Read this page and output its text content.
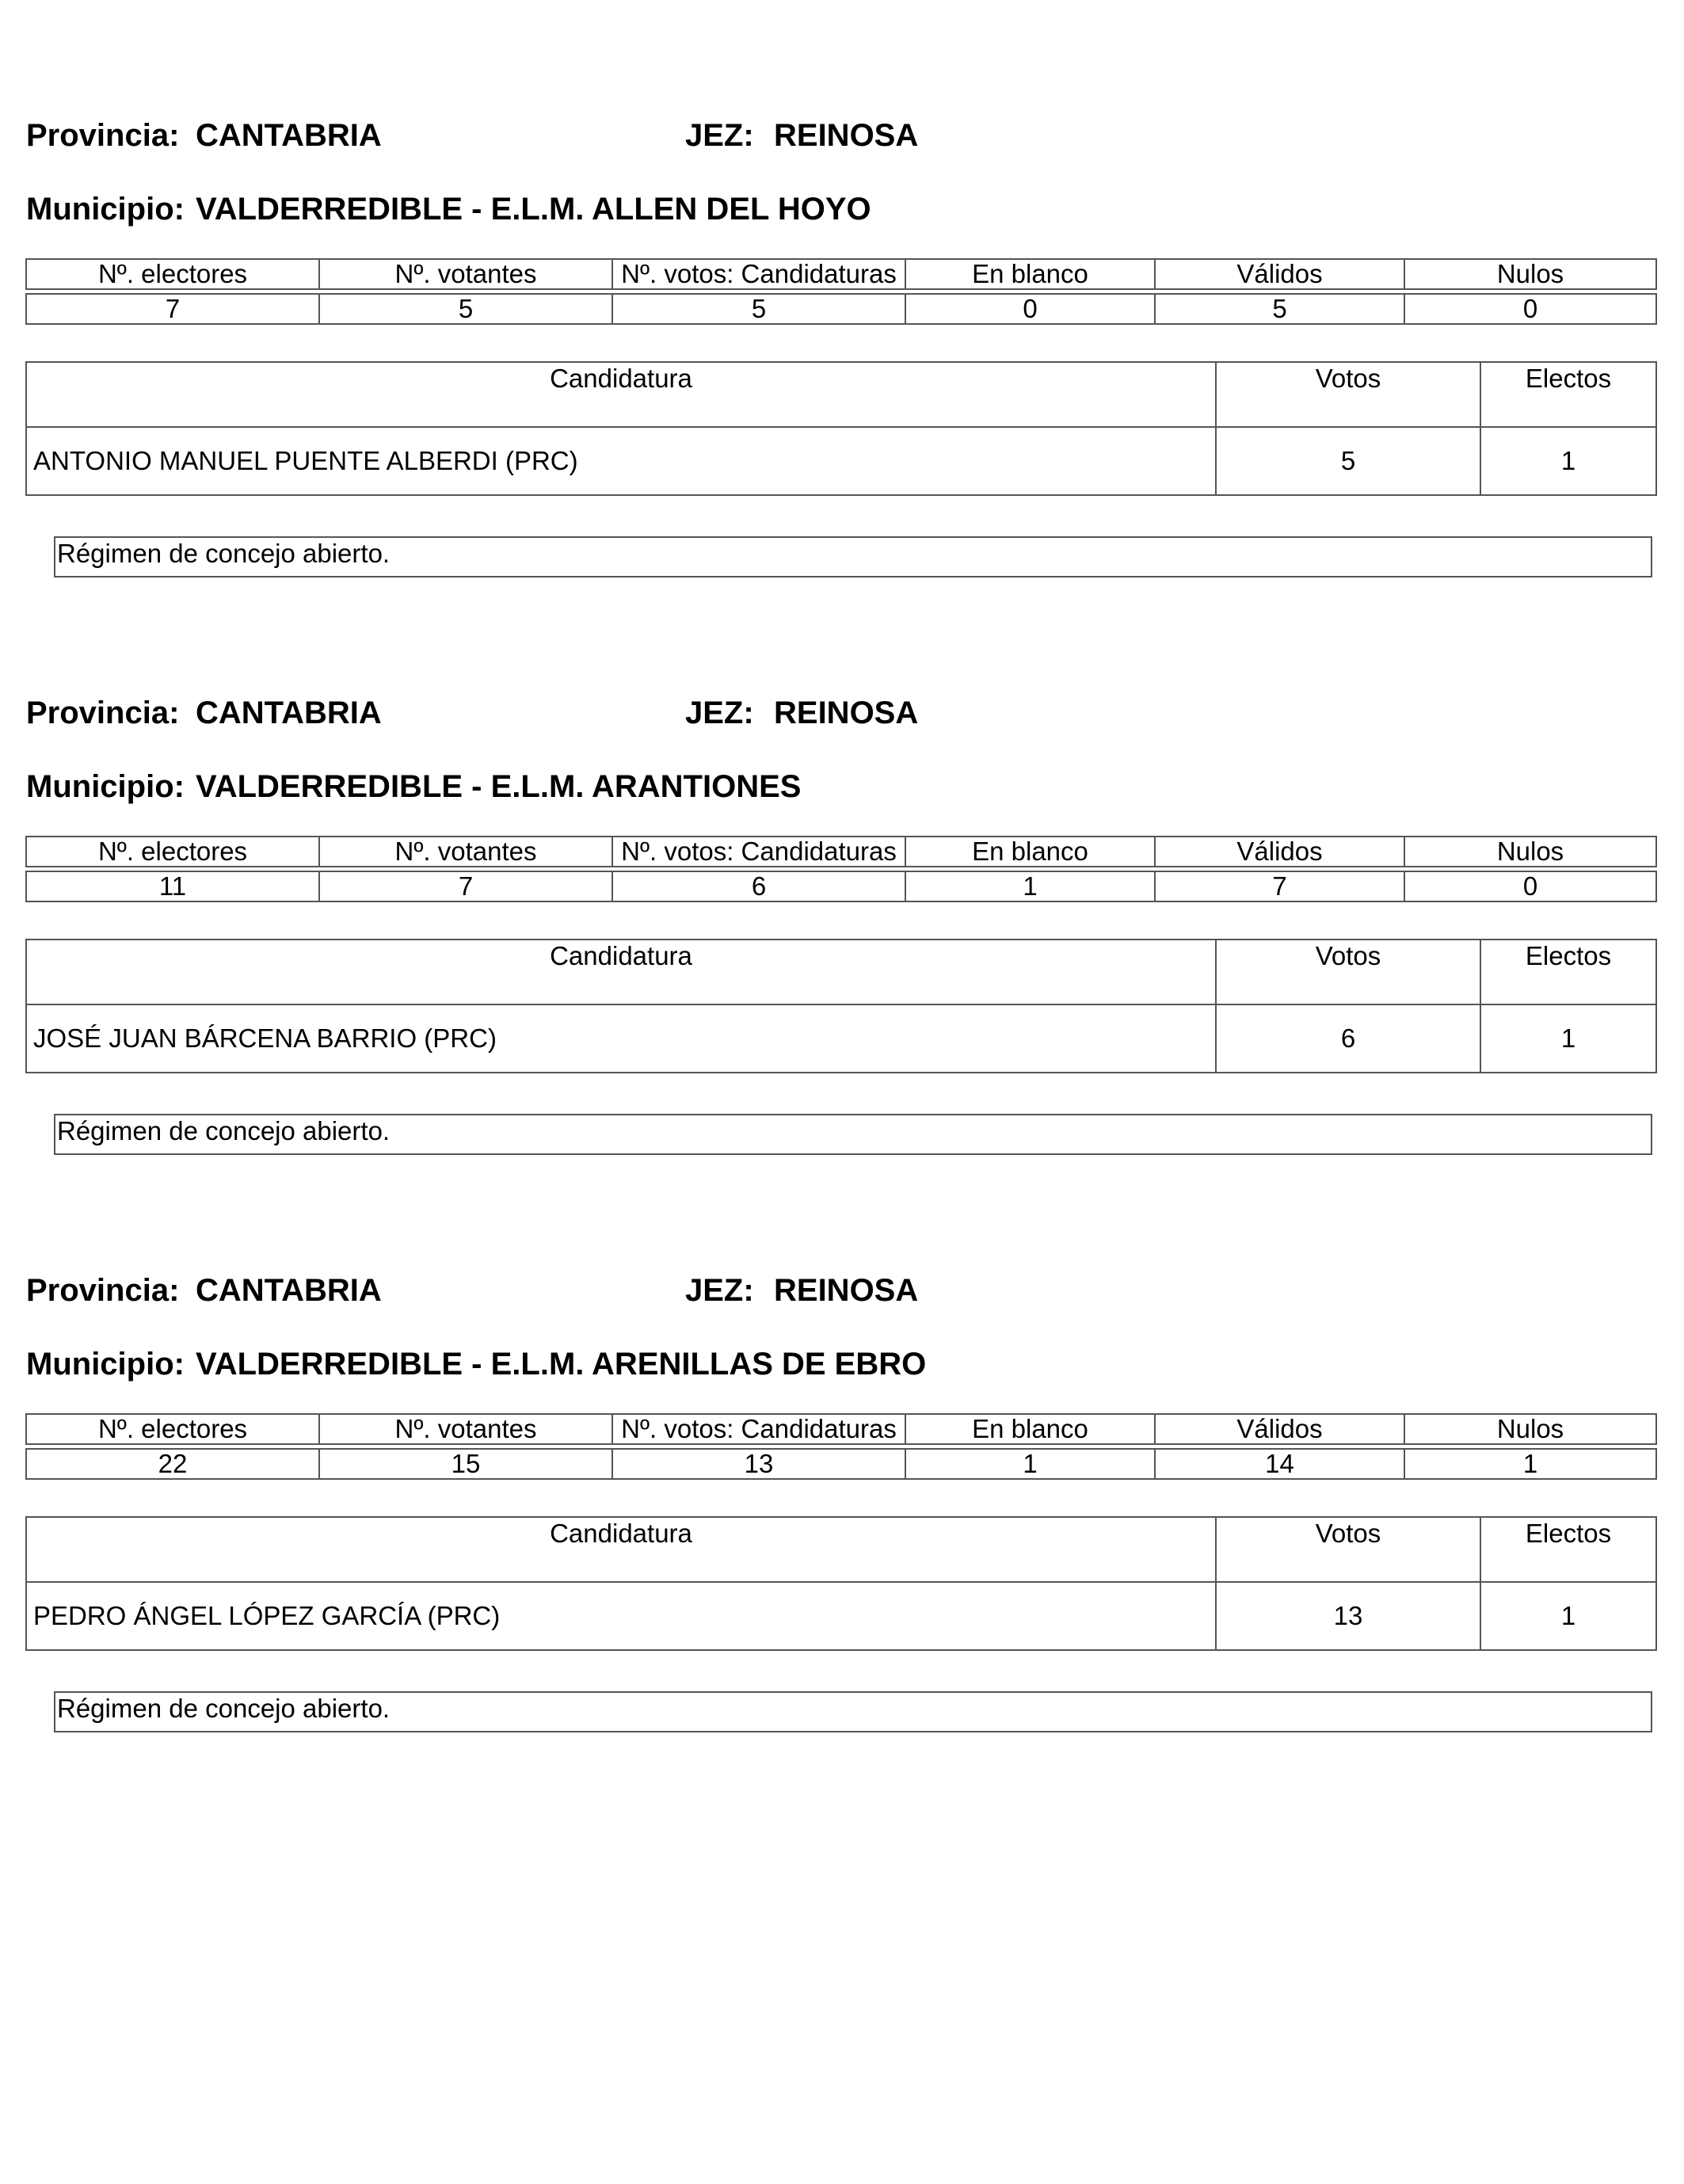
Provincia: CANTABRIA	JEZ: REINOSA
Municipio: VALDERREDIBLE - E.L.M. ALLEN DEL HOYO
Nº. electores	Nº. votantes	Nº. votos: Candidaturas	En blanco	Válidos	Nulos

7	5	5	0	5	0
Candidatura	Votos	Electos
ANTONIO MANUEL PUENTE ALBERDI (PRC)	5	1
Régimen de concejo abierto.
Provincia: CANTABRIA	JEZ: REINOSA
Municipio: VALDERREDIBLE - E.L.M. ARANTIONES
Nº. electores	Nº. votantes	Nº. votos: Candidaturas	En blanco	Válidos	Nulos

11	7	6	1	7	0
Candidatura	Votos	Electos
JOSÉ JUAN BÁRCENA BARRIO (PRC)	6	1
Régimen de concejo abierto.
Provincia: CANTABRIA	JEZ: REINOSA
Municipio: VALDERREDIBLE - E.L.M. ARENILLAS DE EBRO
Nº. electores	Nº. votantes	Nº. votos: Candidaturas	En blanco	Válidos	Nulos

22	15	13	1	14	1
Candidatura	Votos	Electos
PEDRO ÁNGEL LÓPEZ GARCÍA (PRC)	13	1
Régimen de concejo abierto.
